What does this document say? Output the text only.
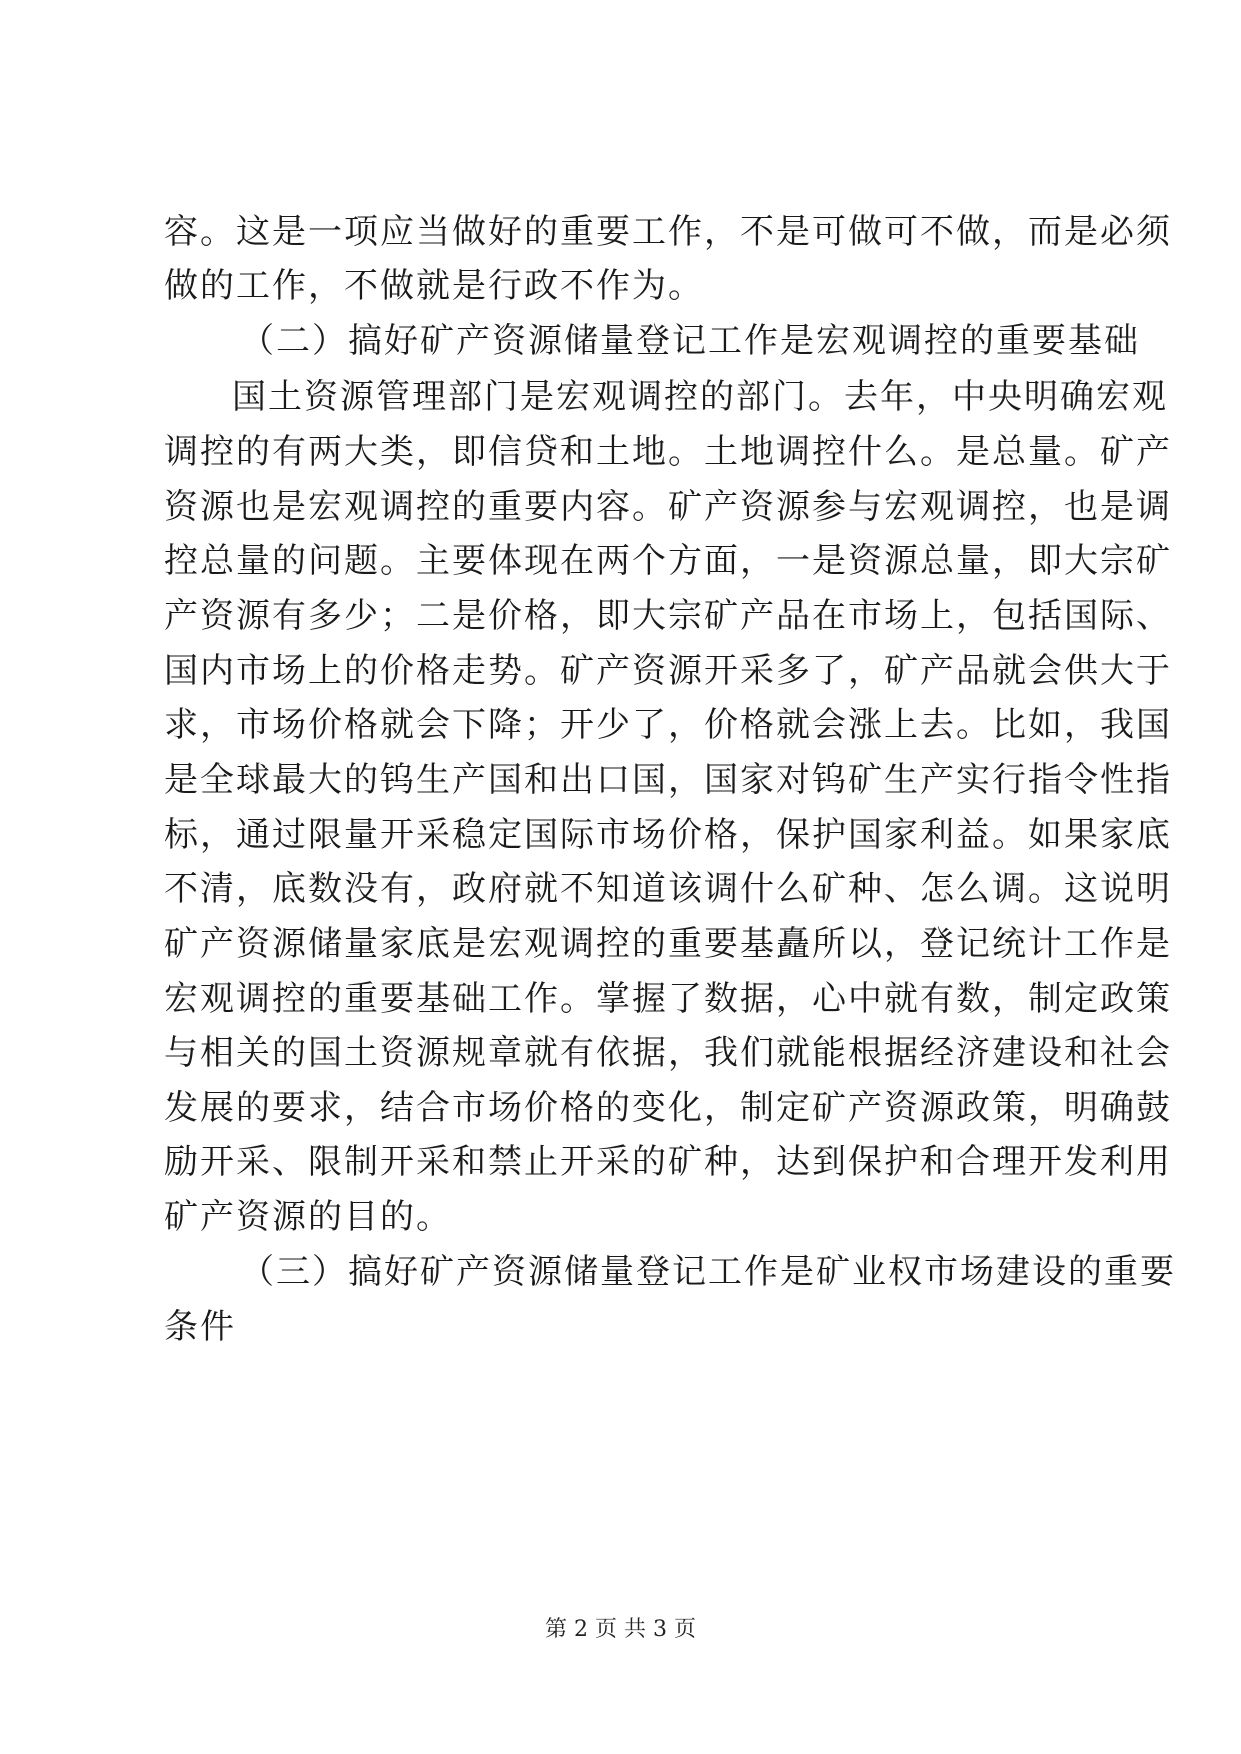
容。这是一项应当做好的重要工作，不是可做可不做，而是必须
做的工作，不做就是行政不作为。
（二）搞好矿产资源储量登记工作是宏观调控的重要基础
国土资源管理部门是宏观调控的部门。去年，中央明确宏观
调控的有两大类，即信贷和土地。土地调控什么。是总量。矿产
资源也是宏观调控的重要内容。矿产资源参与宏观调控，也是调
控总量的问题。主要体现在两个方面，一是资源总量，即大宗矿
产资源有多少；二是价格，即大宗矿产品在市场上，包括国际、
国内市场上的价格走势。矿产资源开采多了，矿产品就会供大于
求，市场价格就会下降；开少了，价格就会涨上去。比如，我国
是全球最大的钨生产国和出口国，国家对钨矿生产实行指令性指
标，通过限量开采稳定国际市场价格，保护国家利益。如果家底
不清，底数没有，政府就不知道该调什么矿种、怎么调。这说明
矿产资源储量家底是宏观调控的重要基矗所以，登记统计工作是
宏观调控的重要基础工作。掌握了数据，心中就有数，制定政策
与相关的国土资源规章就有依据，我们就能根据经济建设和社会
发展的要求，结合市场价格的变化，制定矿产资源政策，明确鼓
励开采、限制开采和禁止开采的矿种，达到保护和合理开发利用
矿产资源的目的。
（三）搞好矿产资源储量登记工作是矿业权市场建设的重要
条件
第 2 页 共 3 页
